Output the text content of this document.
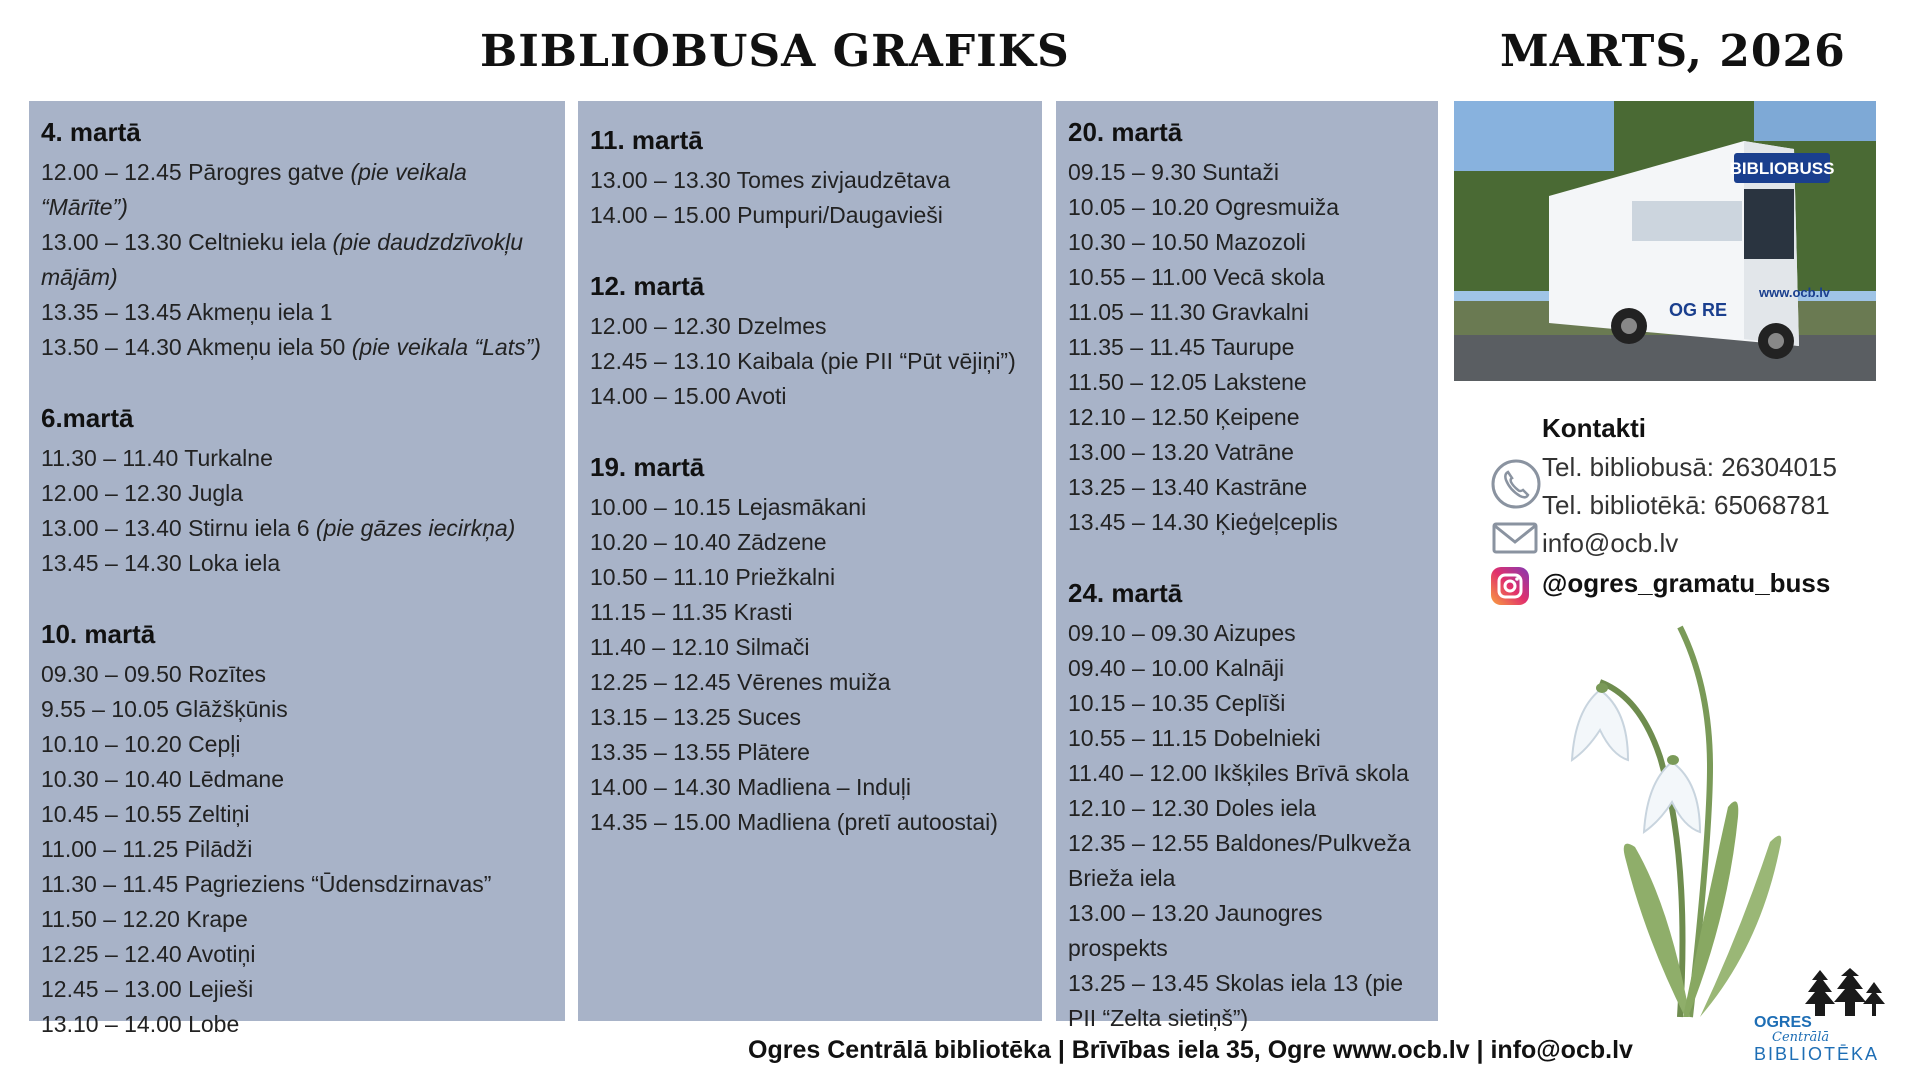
BIBLIOBUSA GRAFIKS	MARTS, 2026
4. martā
12.00 – 12.45 Pārogres gatve (pie veikala “Mārīte”)
13.00 – 13.30 Celtnieku iela (pie daudzdzīvokļu mājām)
13.35 – 13.45 Akmeņu iela 1
13.50 – 14.30 Akmeņu iela 50 (pie veikala “Lats”)
6.martā
11.30 – 11.40 Turkalne
12.00 – 12.30 Jugla
13.00 – 13.40 Stirnu iela 6 (pie gāzes iecirkņa)
13.45 – 14.30 Loka iela
10. martā
09.30 – 09.50 Rozītes
9.55 – 10.05 Glāžšķūnis
10.10 – 10.20 Cepļi
10.30 – 10.40 Lēdmane
10.45 – 10.55 Zeltiņi
11.00 – 11.25 Pilādži
11.30 – 11.45 Pagrieziens “Ūdensdzirnavas”
11.50 – 12.20 Krape
12.25 – 12.40 Avotiņi
12.45 – 13.00 Lejieši
13.10 – 14.00 Lobe
11. martā
13.00 – 13.30 Tomes zivjaudzētava
14.00 – 15.00 Pumpuri/Daugavieši
12. martā
12.00 – 12.30 Dzelmes
12.45 – 13.10 Kaibala (pie PII “Pūt vējiņi”)
14.00 – 15.00 Avoti
19. martā
10.00 – 10.15 Lejasmākani
10.20 – 10.40 Zādzene
10.50 – 11.10 Priežkalni
11.15 – 11.35 Krasti
11.40 – 12.10 Silmači
12.25 – 12.45 Vērenes muiža
13.15 – 13.25 Suces
13.35 – 13.55 Plātere
14.00 – 14.30 Madliena – Induļi
14.35 – 15.00 Madliena (pretī autoostai)
20. martā
09.15 – 9.30 Suntaži
10.05 – 10.20 Ogresmuiža
10.30 – 10.50 Mazozoli
10.55 – 11.00 Vecā skola
11.05 – 11.30 Gravkalni
11.35 – 11.45 Taurupe
11.50 – 12.05 Lakstene
12.10 – 12.50 Ķeipene
13.00 – 13.20 Vatrāne
13.25 – 13.40 Kastrāne
13.45 – 14.30 Ķieģeļceplis
24. martā
09.10 – 09.30 Aizupes
09.40 – 10.00 Kalnāji
10.15 – 10.35 Ceplīši
10.55 – 11.15 Dobelnieki
11.40 – 12.00 Ikšķiles Brīvā skola
12.10 – 12.30 Doles iela
12.35 – 12.55 Baldones/Pulkveža Brieža iela
13.00 – 13.20 Jaunogres prospekts
13.25 – 13.45 Skolas iela 13 (pie PII “Zelta sietiņš”)
BIBLIOBUSS
www.ocb.lv
OG RE
Kontakti
Tel. bibliobusā: 26304015
Tel. bibliotēkā: 65068781
info@ocb.lv
@ogres_gramatu_buss
Ogres Centrālā bibliotēka | Brīvības iela 35, Ogre www.ocb.lv | info@ocb.lv
OGRES
Centrālā
BIBLIOTĒKA
